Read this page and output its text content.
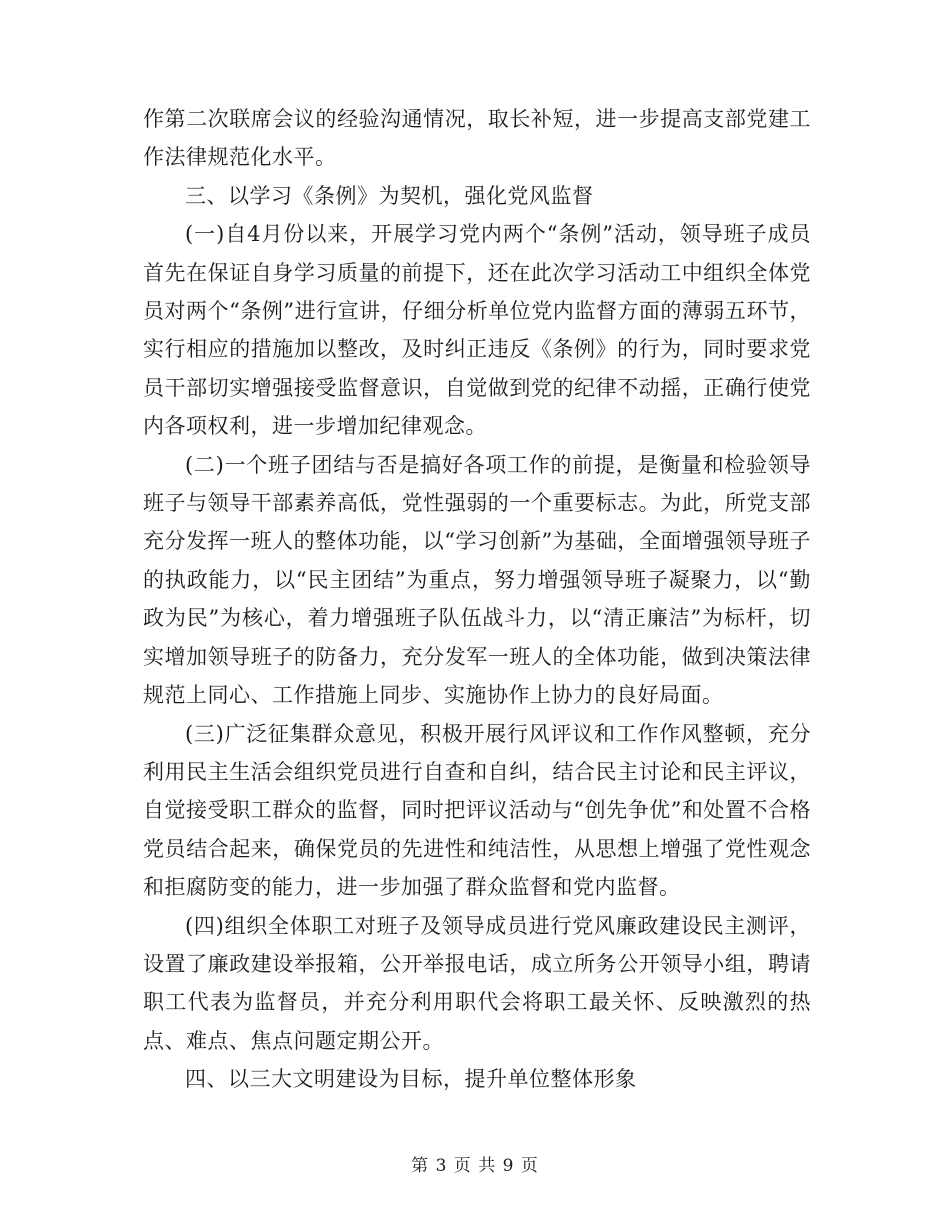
作第二次联席会议的经验沟通情况，取长补短，进一步提高支部党建工作法律规范化水平。

三、以学习《条例》为契机，强化党风监督

(一)自4月份以来，开展学习党内两个“条例”活动，领导班子成员首先在保证自身学习质量的前提下，还在此次学习活动工中组织全体党员对两个“条例”进行宣讲，仔细分析单位党内监督方面的薄弱五环节，实行相应的措施加以整改，及时纠正违反《条例》的行为，同时要求党员干部切实增强接受监督意识，自觉做到党的纪律不动摇，正确行使党内各项权利，进一步增加纪律观念。

(二)一个班子团结与否是搞好各项工作的前提，是衡量和检验领导班子与领导干部素养高低，党性强弱的一个重要标志。为此，所党支部充分发挥一班人的整体功能，以“学习创新”为基础，全面增强领导班子的执政能力，以“民主团结”为重点，努力增强领导班子凝聚力，以“勤政为民”为核心，着力增强班子队伍战斗力，以“清正廉洁”为标杆，切实增加领导班子的防备力，充分发军一班人的全体功能，做到决策法律规范上同心、工作措施上同步、实施协作上协力的良好局面。

(三)广泛征集群众意见，积极开展行风评议和工作作风整顿，充分利用民主生活会组织党员进行自查和自纠，结合民主讨论和民主评议，自觉接受职工群众的监督，同时把评议活动与“创先争优”和处置不合格党员结合起来，确保党员的先进性和纯洁性，从思想上增强了党性观念和拒腐防变的能力，进一步加强了群众监督和党内监督。

(四)组织全体职工对班子及领导成员进行党风廉政建设民主测评，设置了廉政建设举报箱，公开举报电话，成立所务公开领导小组，聘请职工代表为监督员，并充分利用职代会将职工最关怀、反映激烈的热点、难点、焦点问题定期公开。

四、以三大文明建设为目标，提升单位整体形象

第 3 页 共 9 页
